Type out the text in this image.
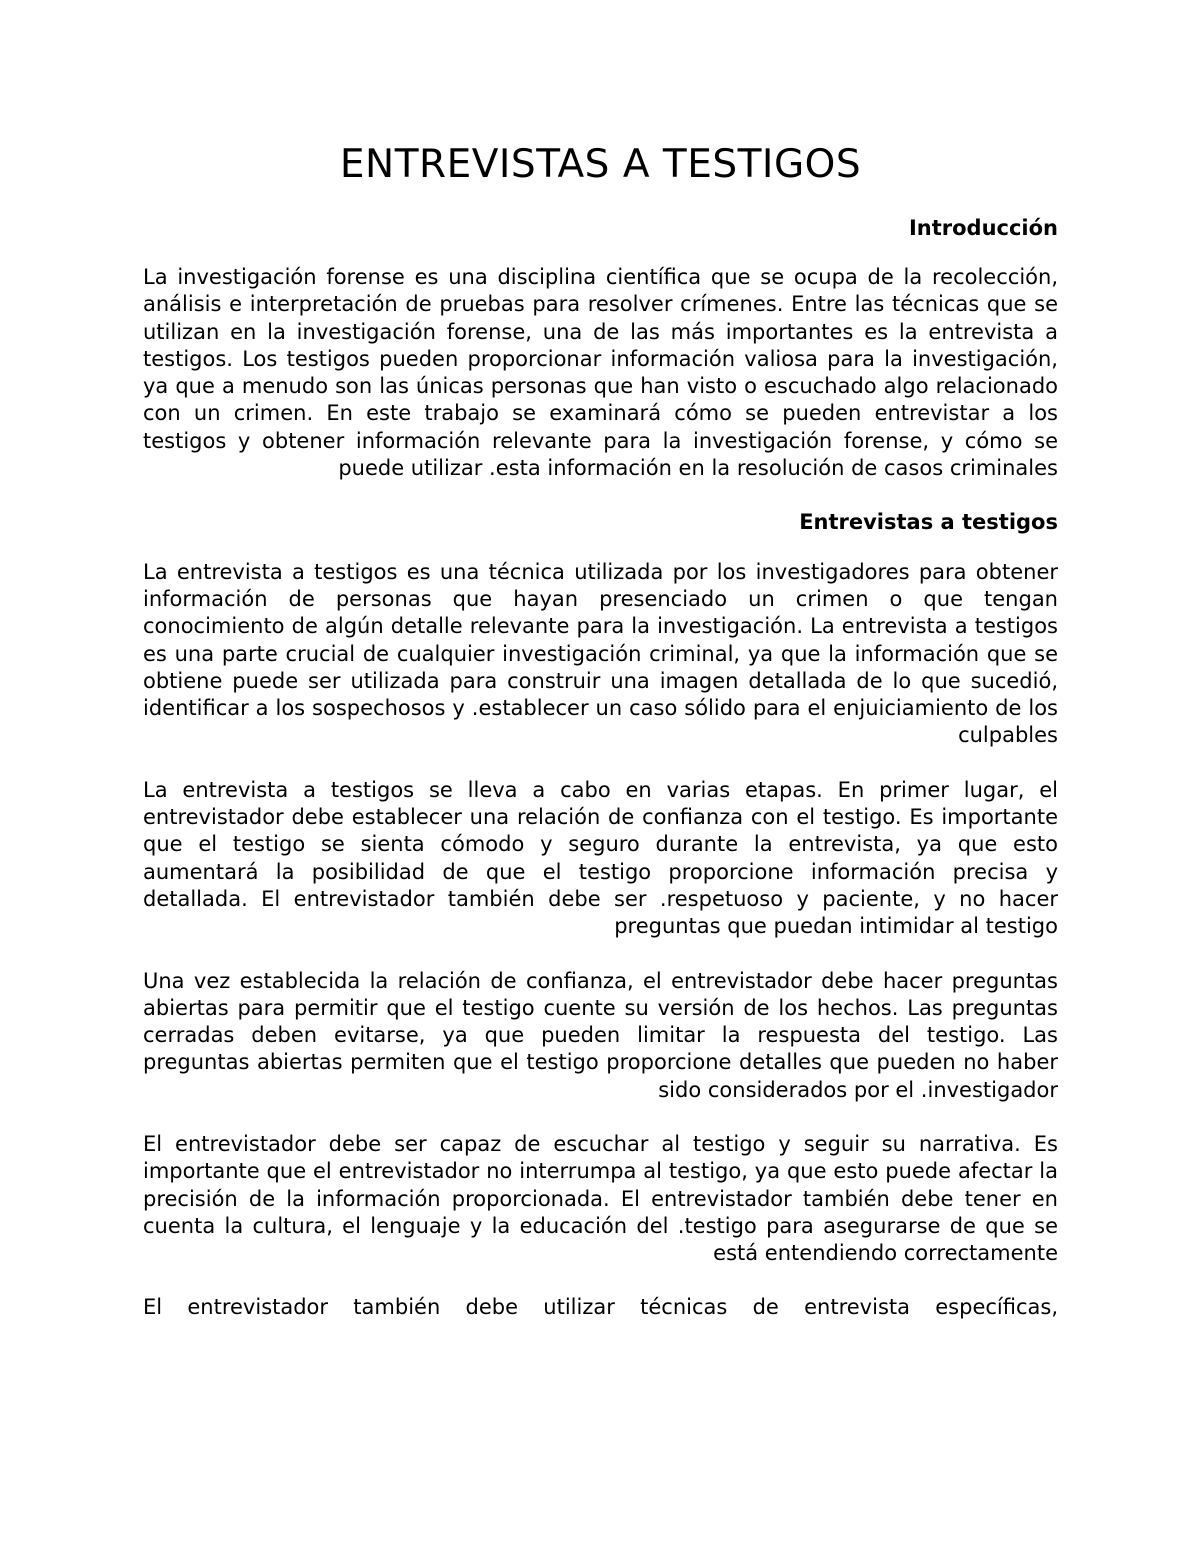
ENTREVISTAS A TESTIGOS
Introducción

La investigación forense es una disciplina científica que se ocupa de la recolección, análisis e interpretación de pruebas para resolver crímenes. Entre las técnicas que se utilizan en la investigación forense, una de las más importantes es la entrevista a testigos. Los testigos pueden proporcionar información valiosa para la investigación, ya que a menudo son las únicas personas que han visto o escuchado algo relacionado con un crimen. En este trabajo se examinará cómo se pueden entrevistar a los testigos y obtener información relevante para la investigación forense, y cómo se puede utilizar .esta información en la resolución de casos criminales

Entrevistas a testigos

La entrevista a testigos es una técnica utilizada por los investigadores para obtener información de personas que hayan presenciado un crimen o que tengan conocimiento de algún detalle relevante para la investigación. La entrevista a testigos es una parte crucial de cualquier investigación criminal, ya que la información que se obtiene puede ser utilizada para construir una imagen detallada de lo que sucedió, identificar a los sospechosos y .establecer un caso sólido para el enjuiciamiento de los culpables

La entrevista a testigos se lleva a cabo en varias etapas. En primer lugar, el entrevistador debe establecer una relación de confianza con el testigo. Es importante que el testigo se sienta cómodo y seguro durante la entrevista, ya que esto aumentará la posibilidad de que el testigo proporcione información precisa y detallada. El entrevistador también debe ser .respetuoso y paciente, y no hacer preguntas que puedan intimidar al testigo

Una vez establecida la relación de confianza, el entrevistador debe hacer preguntas abiertas para permitir que el testigo cuente su versión de los hechos. Las preguntas cerradas deben evitarse, ya que pueden limitar la respuesta del testigo. Las preguntas abiertas permiten que el testigo proporcione detalles que pueden no haber sido considerados por el .investigador

El entrevistador debe ser capaz de escuchar al testigo y seguir su narrativa. Es importante que el entrevistador no interrumpa al testigo, ya que esto puede afectar la precisión de la información proporcionada. El entrevistador también debe tener en cuenta la cultura, el lenguaje y la educación del .testigo para asegurarse de que se está entendiendo correctamente

El entrevistador también debe utilizar técnicas de entrevista específicas,
